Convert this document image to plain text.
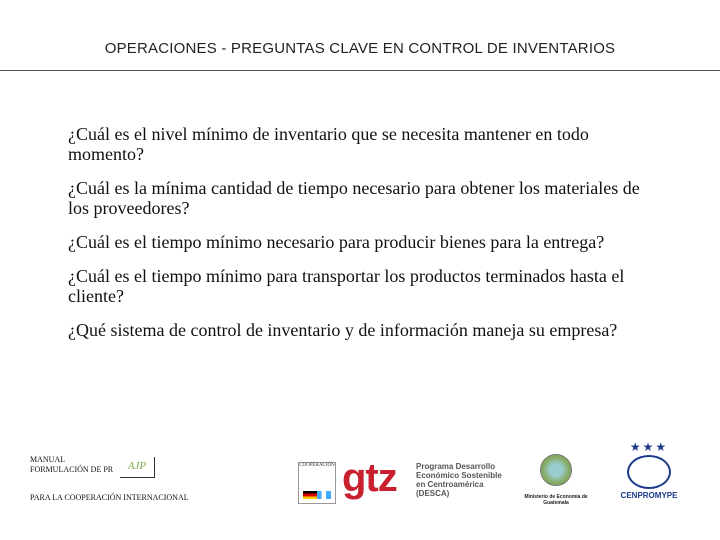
OPERACIONES - PREGUNTAS CLAVE EN CONTROL DE INVENTARIOS
¿Cuál es el nivel mínimo de inventario que se necesita mantener en todo momento?
¿Cuál es la mínima cantidad de tiempo necesario para obtener los materiales de los proveedores?
¿Cuál es el tiempo mínimo necesario para producir bienes para la entrega?
¿Cuál es el tiempo mínimo para transportar los productos terminados hasta el cliente?
¿Qué sistema de control de inventario y de información maneja su empresa?
MANUAL
FORMULACIÓN DE PR	AJP
PARA LA COOPERACIÓN INTERNACIONAL
COOPERACIÓN gtz Programa Desarrollo
Económico Sostenible
en Centroamérica
(DESCA)	Ministerio de Economía de Guatemala
★★★
CENPROMYPE
